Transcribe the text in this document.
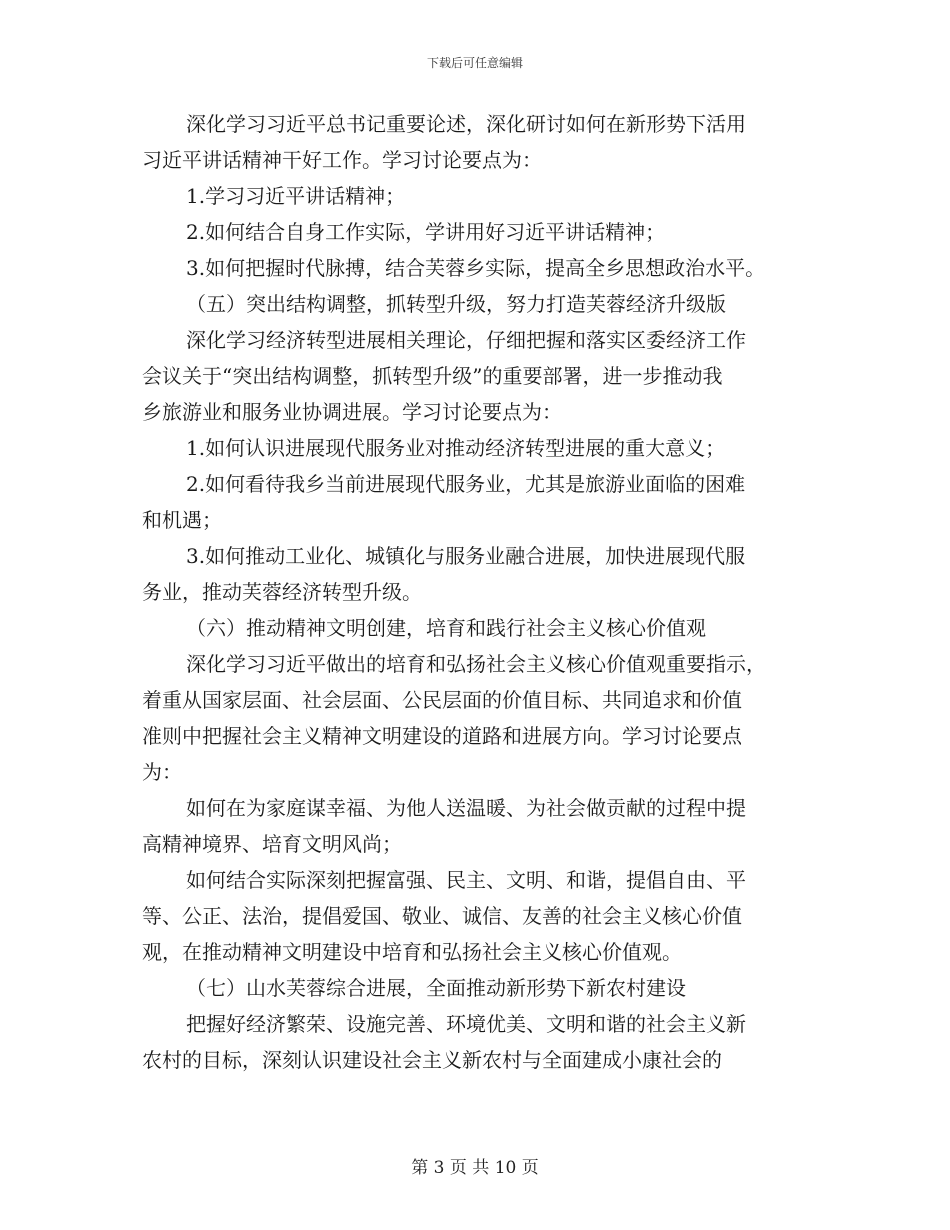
下载后可任意编辑
深化学习习近平总书记重要论述，深化研讨如何在新形势下活用
习近平讲话精神干好工作。学习讨论要点为：
1.学习习近平讲话精神；
2.如何结合自身工作实际，学讲用好习近平讲话精神；
3.如何把握时代脉搏，结合芙蓉乡实际，提高全乡思想政治水平。
（五）突出结构调整，抓转型升级，努力打造芙蓉经济升级版
深化学习经济转型进展相关理论，仔细把握和落实区委经济工作
会议关于“突出结构调整，抓转型升级”的重要部署，进一步推动我
乡旅游业和服务业协调进展。学习讨论要点为：
1.如何认识进展现代服务业对推动经济转型进展的重大意义；
2.如何看待我乡当前进展现代服务业，尤其是旅游业面临的困难
和机遇；
3.如何推动工业化、城镇化与服务业融合进展，加快进展现代服
务业，推动芙蓉经济转型升级。
（六）推动精神文明创建，培育和践行社会主义核心价值观
深化学习习近平做出的培育和弘扬社会主义核心价值观重要指示，
着重从国家层面、社会层面、公民层面的价值目标、共同追求和价值
准则中把握社会主义精神文明建设的道路和进展方向。学习讨论要点
为：
如何在为家庭谋幸福、为他人送温暖、为社会做贡献的过程中提
高精神境界、培育文明风尚；
如何结合实际深刻把握富强、民主、文明、和谐，提倡自由、平
等、公正、法治，提倡爱国、敬业、诚信、友善的社会主义核心价值
观，在推动精神文明建设中培育和弘扬社会主义核心价值观。
（七）山水芙蓉综合进展，全面推动新形势下新农村建设
把握好经济繁荣、设施完善、环境优美、文明和谐的社会主义新
农村的目标，深刻认识建设社会主义新农村与全面建成小康社会的
第 3 页 共 10 页
